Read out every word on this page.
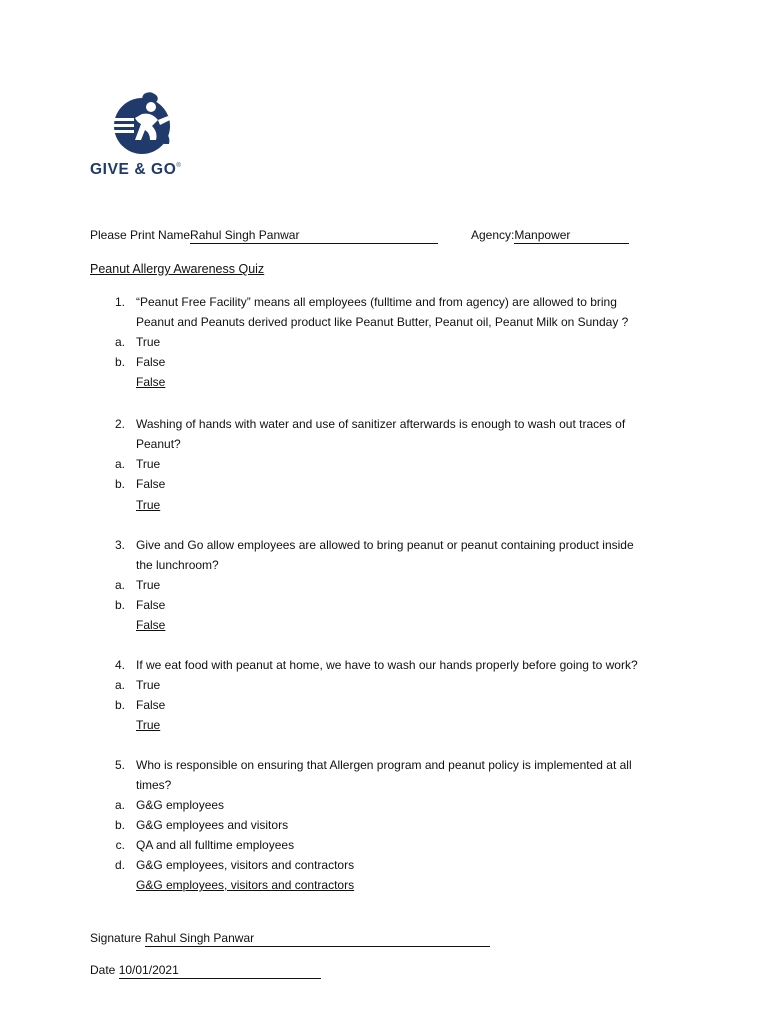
GIVE & GO®
Please Print NameRahul Singh Panwar	Agency:Manpower
Peanut Allergy Awareness Quiz
1. “Peanut Free Facility” means all employees (fulltime and from agency) are allowed to bring
Peanut and Peanuts derived product like Peanut Butter, Peanut oil, Peanut Milk on Sunday ?
a. True
b. False
False
2. Washing of hands with water and use of sanitizer afterwards is enough to wash out traces of
Peanut?
a. True
b. False
True
3. Give and Go allow employees are allowed to bring peanut or peanut containing product inside
the lunchroom?
a. True
b. False
False
4. If we eat food with peanut at home, we have to wash our hands properly before going to work?
a. True
b. False
True
5. Who is responsible on ensuring that Allergen program and peanut policy is implemented at all
times?
a. G&G employees
b. G&G employees and visitors
c. QA and all fulltime employees
d. G&G employees, visitors and contractors
G&G employees, visitors and contractors
Signature Rahul Singh Panwar
Date 10/01/2021
